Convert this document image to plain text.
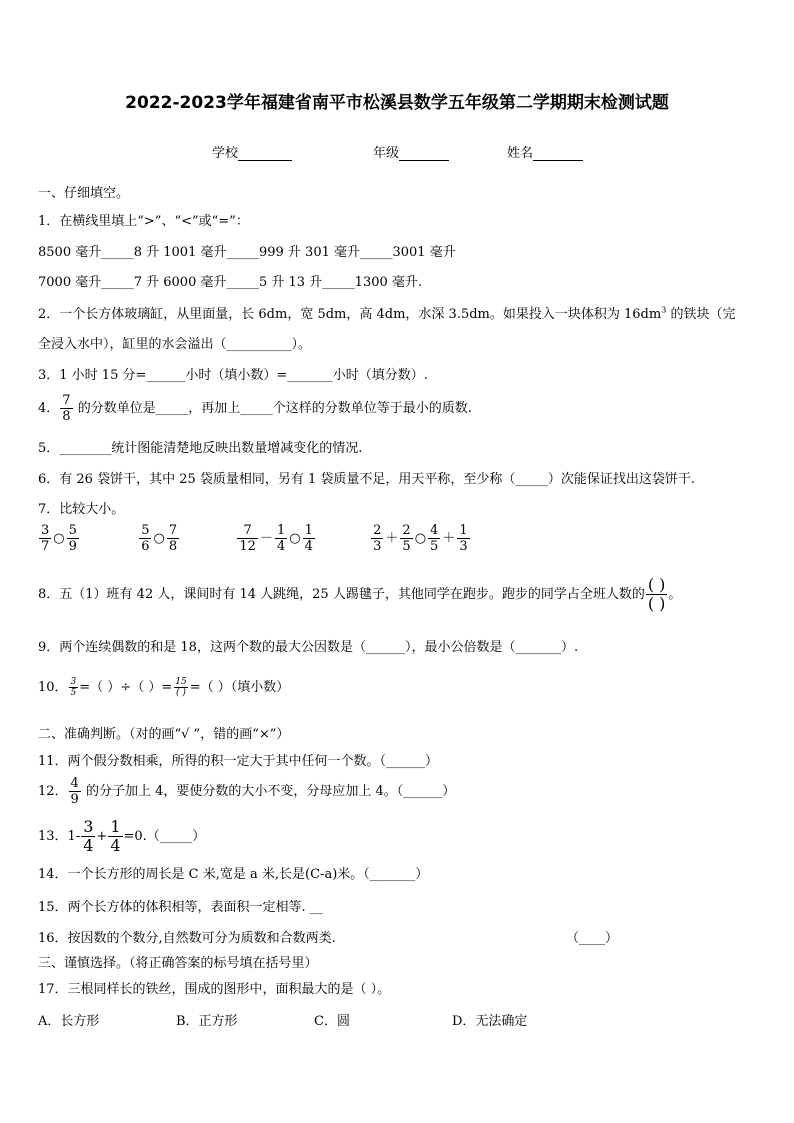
2022-2023学年福建省南平市松溪县数学五年级第二学期期末检测试题
学校	年级	姓名
一、仔细填空。
1．在横线里填上“>”、“<”或“=”：
8500 毫升_____8 升 1001 毫升_____999 升 301 毫升_____3001 毫升
7000 毫升_____7 升 6000 毫升_____5 升 13 升_____1300 毫升.
2．一个长方体玻璃缸，从里面量，长 6dm，宽 5dm，高 4dm，水深 3.5dm。如果投入一块体积为 $16dm^3$ 的铁块（完
全浸入水中），缸里的水会溢出（__________）。
3．1 小时 15 分=______小时（填小数）=_______小时（填分数）.
4． $\frac{7}{8}$ 的分数单位是_____，再加上_____个这样的分数单位等于最小的质数.
5．________统计图能清楚地反映出数量增减变化的情况.
6．有 26 袋饼干，其中 25 袋质量相同，另有 1 袋质量不足，用天平称，至少称（_____）次能保证找出这袋饼干.
7．比较大小。
$\frac{3}{7}$ ○ $\frac{5}{9}$
	$\frac{5}{6}$ ○ $\frac{7}{8}$
	$\frac{7}{12} - \frac{1}{4}$ ○ $\frac{1}{4}$
	$\frac{2}{3} + \frac{2}{5}$ ○ $\frac{4}{5} + \frac{1}{3}$
8．五（1）班有 42 人，课间时有 14 人跳绳，25 人踢毽子，其他同学在跑步。跑步的同学占全班人数的 $\frac{( )}{( )}$ 。
9．两个连续偶数的和是 18，这两个数的最大公因数是（______），最小公倍数是（_______）.
10． $\frac{3}{5}$ =（ ）÷（ ）= $\frac{15}{( )}$ =（ ）（填小数）
二、准确判断。（对的画“√ ”，错的画“×”）
11．两个假分数相乘，所得的积一定大于其中任何一个数。（______）
12． $\frac{4}{9}$ 的分子加上 4，要使分数的大小不变，分母应加上 4。（______）
13．$1- \frac{3}{4} + \frac{1}{4}$ =0.（_____）
14．一个长方形的周长是 C 米,宽是 a 米,长是(C-a)米。（_______）
15．两个长方体的体积相等，表面积一定相等. __
16．按因数的个数分,自然数可分为质数和合数两类.	（____）
三、谨慎选择。（将正确答案的标号填在括号里）
17．三根同样长的铁丝，围成的图形中，面积最大的是（ ）。
A．长方形	B．正方形	C．圆	D．无法确定
